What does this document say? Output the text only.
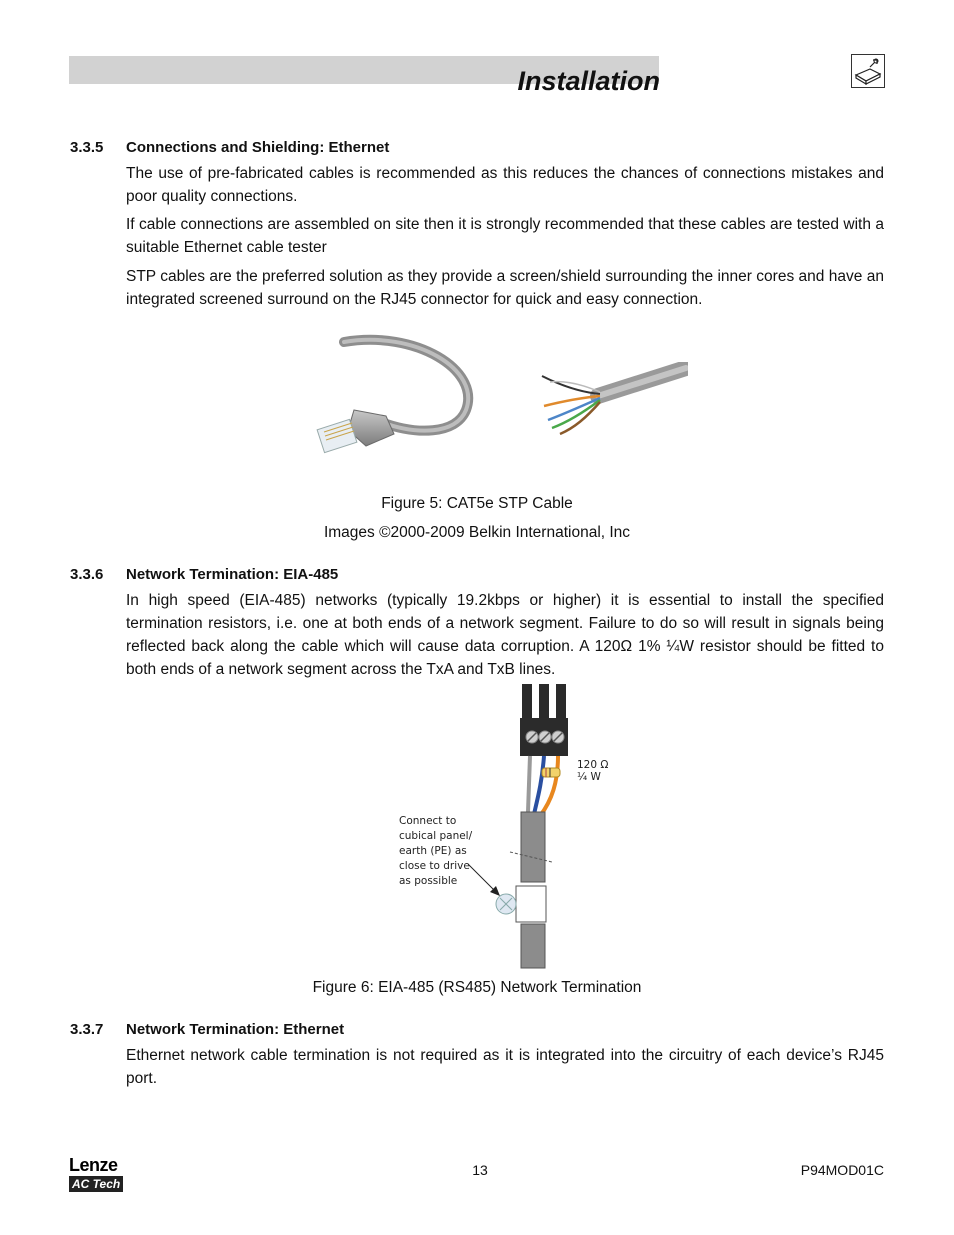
Installation
3.3.5 Connections and Shielding: Ethernet
The use of pre-fabricated cables is recommended as this reduces the chances of connections mistakes and poor quality connections.
If cable connections are assembled on site then it is strongly recommended that these cables are tested with a suitable Ethernet cable tester
STP cables are the preferred solution as they provide a screen/shield surrounding the inner cores and have an integrated screened surround on the RJ45 connector for quick and easy connection.
Figure 5: CAT5e STP Cable
Images ©2000-2009 Belkin International, Inc
3.3.6 Network Termination: EIA-485
In high speed (EIA-485) networks (typically 19.2kbps or higher) it is essential to install the specified termination resistors, i.e. one at both ends of a network segment. Failure to do so will result in signals being reflected back along the cable which will cause data corruption. A 120Ω 1% ¼W resistor should be fitted to both ends of a network segment across the TxA and TxB lines.
120 Ω
¼ W
Connect to
cubical panel/
earth (PE) as
close to drive
as possible
Figure 6: EIA-485 (RS485) Network Termination
3.3.7 Network Termination: Ethernet
Ethernet network cable termination is not required as it is integrated into the circuitry of each device’s RJ45 port.
Lenze
AC Tech
13	P94MOD01C
